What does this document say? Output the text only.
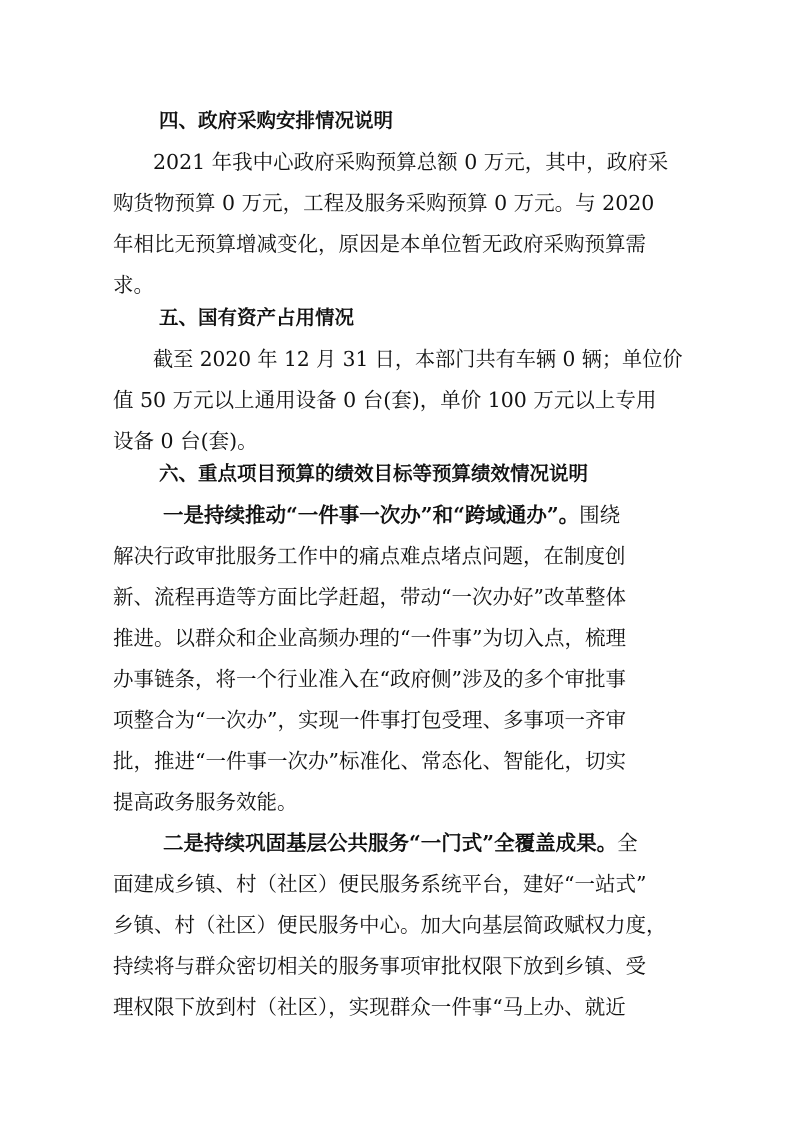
四、政府采购安排情况说明
2021 年我中心政府采购预算总额 0 万元，其中，政府采
购货物预算 0 万元，工程及服务采购预算 0 万元。与 2020
年相比无预算增减变化，原因是本单位暂无政府采购预算需
求。
五、国有资产占用情况
截至 2020 年 12 月 31 日，本部门共有车辆 0 辆；单位价
值 50 万元以上通用设备 0 台(套)，单价 100 万元以上专用
设备 0 台(套)。
六、重点项目预算的绩效目标等预算绩效情况说明
一是持续推动“一件事一次办”和“跨域通办”。围绕
解决行政审批服务工作中的痛点难点堵点问题，在制度创
新、流程再造等方面比学赶超，带动“一次办好”改革整体
推进。以群众和企业高频办理的“一件事”为切入点，梳理
办事链条，将一个行业准入在“政府侧”涉及的多个审批事
项整合为“一次办”，实现一件事打包受理、多事项一齐审
批，推进“一件事一次办”标准化、常态化、智能化，切实
提高政务服务效能。
二是持续巩固基层公共服务“一门式”全覆盖成果。全
面建成乡镇、村（社区）便民服务系统平台，建好“一站式”
乡镇、村（社区）便民服务中心。加大向基层简政赋权力度，
持续将与群众密切相关的服务事项审批权限下放到乡镇、受
理权限下放到村（社区），实现群众一件事“马上办、就近
